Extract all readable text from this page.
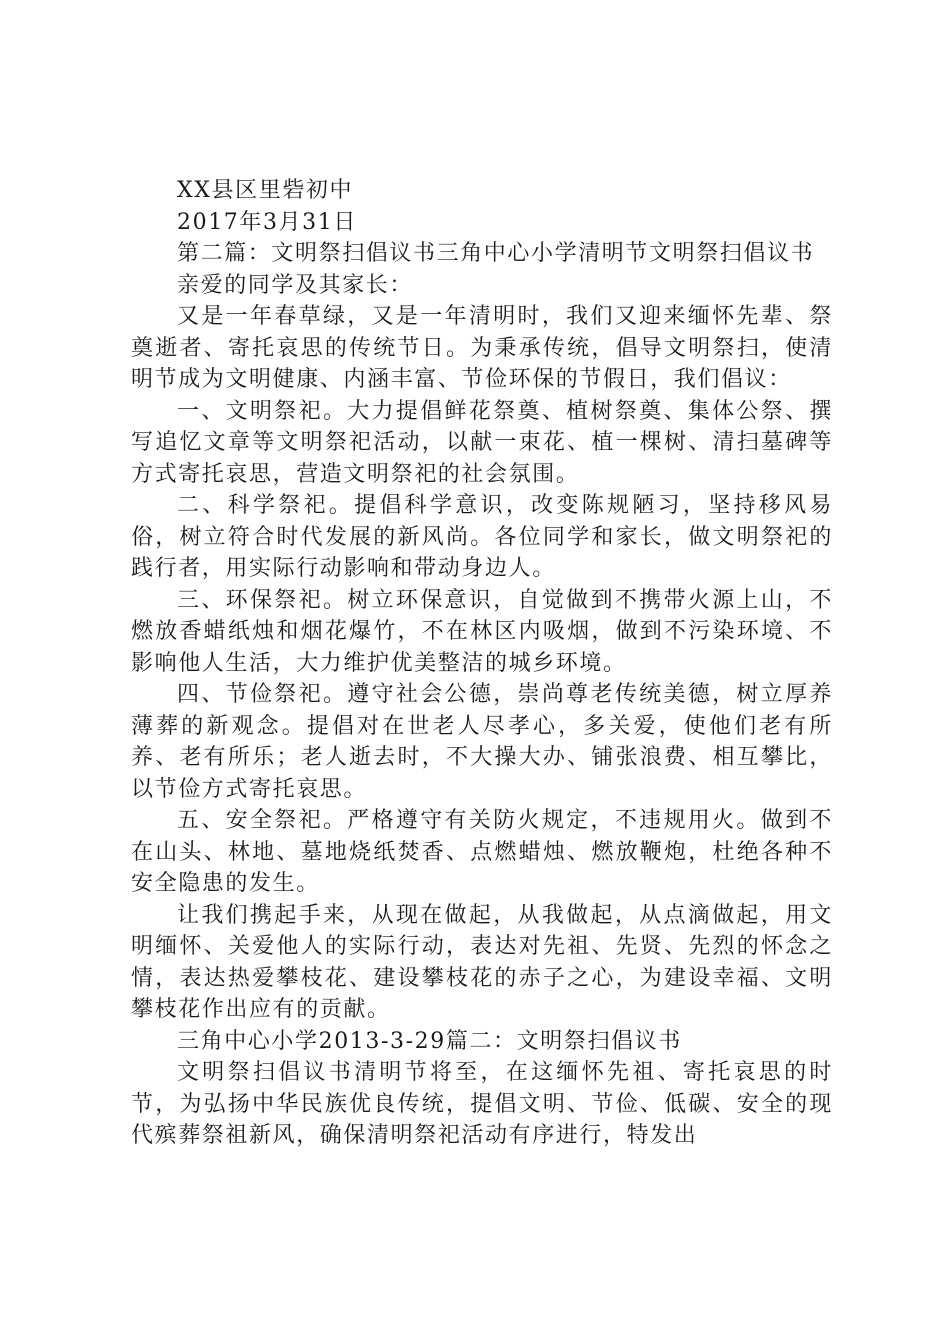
XX县区里砦初中

2017年3月31日

第二篇：文明祭扫倡议书三角中心小学清明节文明祭扫倡议书

亲爱的同学及其家长：

又是一年春草绿，又是一年清明时，我们又迎来缅怀先辈、祭奠逝者、寄托哀思的传统节日。为秉承传统，倡导文明祭扫，使清明节成为文明健康、内涵丰富、节俭环保的节假日，我们倡议：

一、文明祭祀。大力提倡鲜花祭奠、植树祭奠、集体公祭、撰写追忆文章等文明祭祀活动，以献一束花、植一棵树、清扫墓碑等方式寄托哀思，营造文明祭祀的社会氛围。

二、科学祭祀。提倡科学意识，改变陈规陋习，坚持移风易俗，树立符合时代发展的新风尚。各位同学和家长，做文明祭祀的践行者，用实际行动影响和带动身边人。

三、环保祭祀。树立环保意识，自觉做到不携带火源上山，不燃放香蜡纸烛和烟花爆竹，不在林区内吸烟，做到不污染环境、不影响他人生活，大力维护优美整洁的城乡环境。

四、节俭祭祀。遵守社会公德，崇尚尊老传统美德，树立厚养薄葬的新观念。提倡对在世老人尽孝心，多关爱，使他们老有所养、老有所乐；老人逝去时，不大操大办、铺张浪费、相互攀比，以节俭方式寄托哀思。

五、安全祭祀。严格遵守有关防火规定，不违规用火。做到不在山头、林地、墓地烧纸焚香、点燃蜡烛、燃放鞭炮，杜绝各种不安全隐患的发生。

让我们携起手来，从现在做起，从我做起，从点滴做起，用文明缅怀、关爱他人的实际行动，表达对先祖、先贤、先烈的怀念之情，表达热爱攀枝花、建设攀枝花的赤子之心，为建设幸福、文明攀枝花作出应有的贡献。

三角中心小学2013-3-29篇二：文明祭扫倡议书

文明祭扫倡议书清明节将至，在这缅怀先祖、寄托哀思的时节，为弘扬中华民族优良传统，提倡文明、节俭、低碳、安全的现代殡葬祭祖新风，确保清明祭祀活动有序进行，特发出
